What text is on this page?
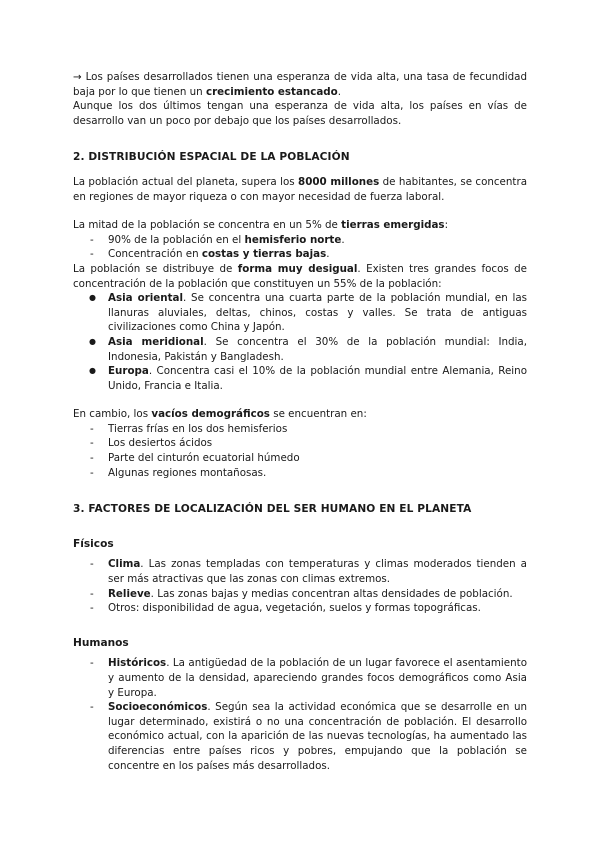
→ Los países desarrollados tienen una esperanza de vida alta, una tasa de fecundidad baja por lo que tienen un crecimiento estancado.

Aunque los dos últimos tengan una esperanza de vida alta, los países en vías de desarrollo van un poco por debajo que los países desarrollados.

2. DISTRIBUCIÓN ESPACIAL DE LA POBLACIÓN

La población actual del planeta, supera los 8000 millones de habitantes, se concentra en regiones de mayor riqueza o con mayor necesidad de fuerza laboral.

La mitad de la población se concentra en un 5% de tierras emergidas:

- 90% de la población en el hemisferio norte.
- Concentración en costas y tierras bajas.

La población se distribuye de forma muy desigual. Existen tres grandes focos de concentración de la población que constituyen un 55% de la población:

● Asia oriental. Se concentra una cuarta parte de la población mundial, en las llanuras aluviales, deltas, chinos, costas y valles. Se trata de antiguas civilizaciones como China y Japón.
● Asia meridional. Se concentra el 30% de la población mundial: India, Indonesia, Pakistán y Bangladesh.
● Europa. Concentra casi el 10% de la población mundial entre Alemania, Reino Unido, Francia e Italia.

En cambio, los vacíos demográficos se encuentran en:

- Tierras frías en los dos hemisferios
- Los desiertos ácidos
- Parte del cinturón ecuatorial húmedo
- Algunas regiones montañosas.
3. FACTORES DE LOCALIZACIÓN DEL SER HUMANO EN EL PLANETA
Físicos
- Clima. Las zonas templadas con temperaturas y climas moderados tienden a ser más atractivas que las zonas con climas extremos.
- Relieve. Las zonas bajas y medias concentran altas densidades de población.
- Otros: disponibilidad de agua, vegetación, suelos y formas topográficas.
Humanos
- Históricos. La antigüedad de la población de un lugar favorece el asentamiento y aumento de la densidad, apareciendo grandes focos demográficos como Asia y Europa.
- Socioeconómicos. Según sea la actividad económica que se desarrolle en un lugar determinado, existirá o no una concentración de población. El desarrollo económico actual, con la aparición de las nuevas tecnologías, ha aumentado las diferencias entre países ricos y pobres, empujando que la población se concentre en los países más desarrollados.
